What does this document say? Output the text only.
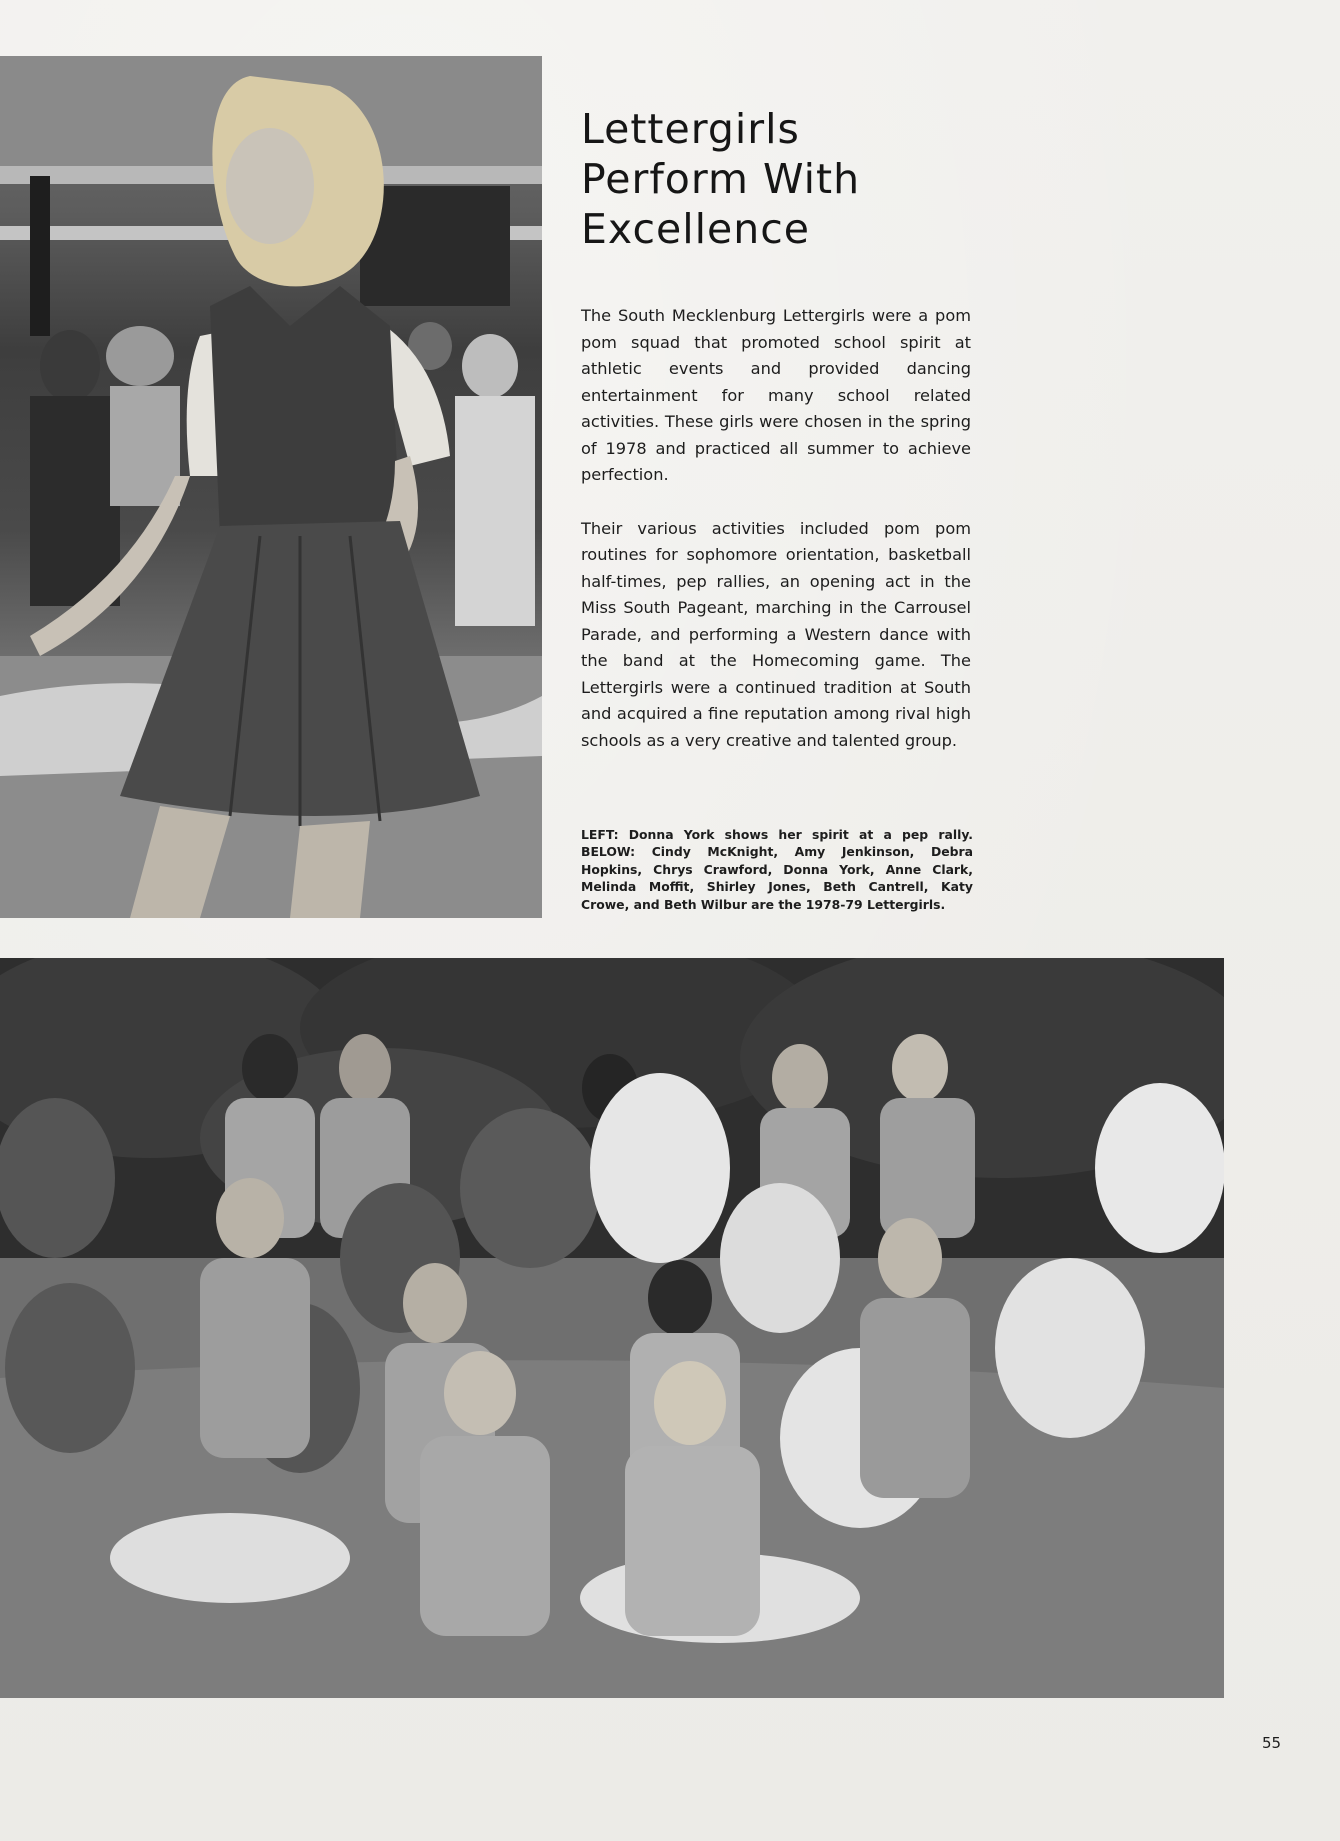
Lettergirls
Perform With
Excellence

The South Mecklenburg Lettergirls were a pom pom squad that promoted school spirit at athletic events and provided dancing entertainment for many school related activities. These girls were chosen in the spring of 1978 and practiced all summer to achieve perfection.

Their various activities included pom pom routines for sophomore orientation, basketball half-times, pep rallies, an opening act in the Miss South Pageant, marching in the Carrousel Parade, and performing a Western dance with the band at the Homecoming game. The Lettergirls were a continued tradition at South and acquired a fine reputation among rival high schools as a very creative and talented group.

LEFT: Donna York shows her spirit at a pep rally. BELOW: Cindy McKnight, Amy Jenkinson, Debra Hopkins, Chrys Crawford, Donna York, Anne Clark, Melinda Moffit, Shirley Jones, Beth Cantrell, Katy Crowe, and Beth Wilbur are the 1978-79 Lettergirls.

55
